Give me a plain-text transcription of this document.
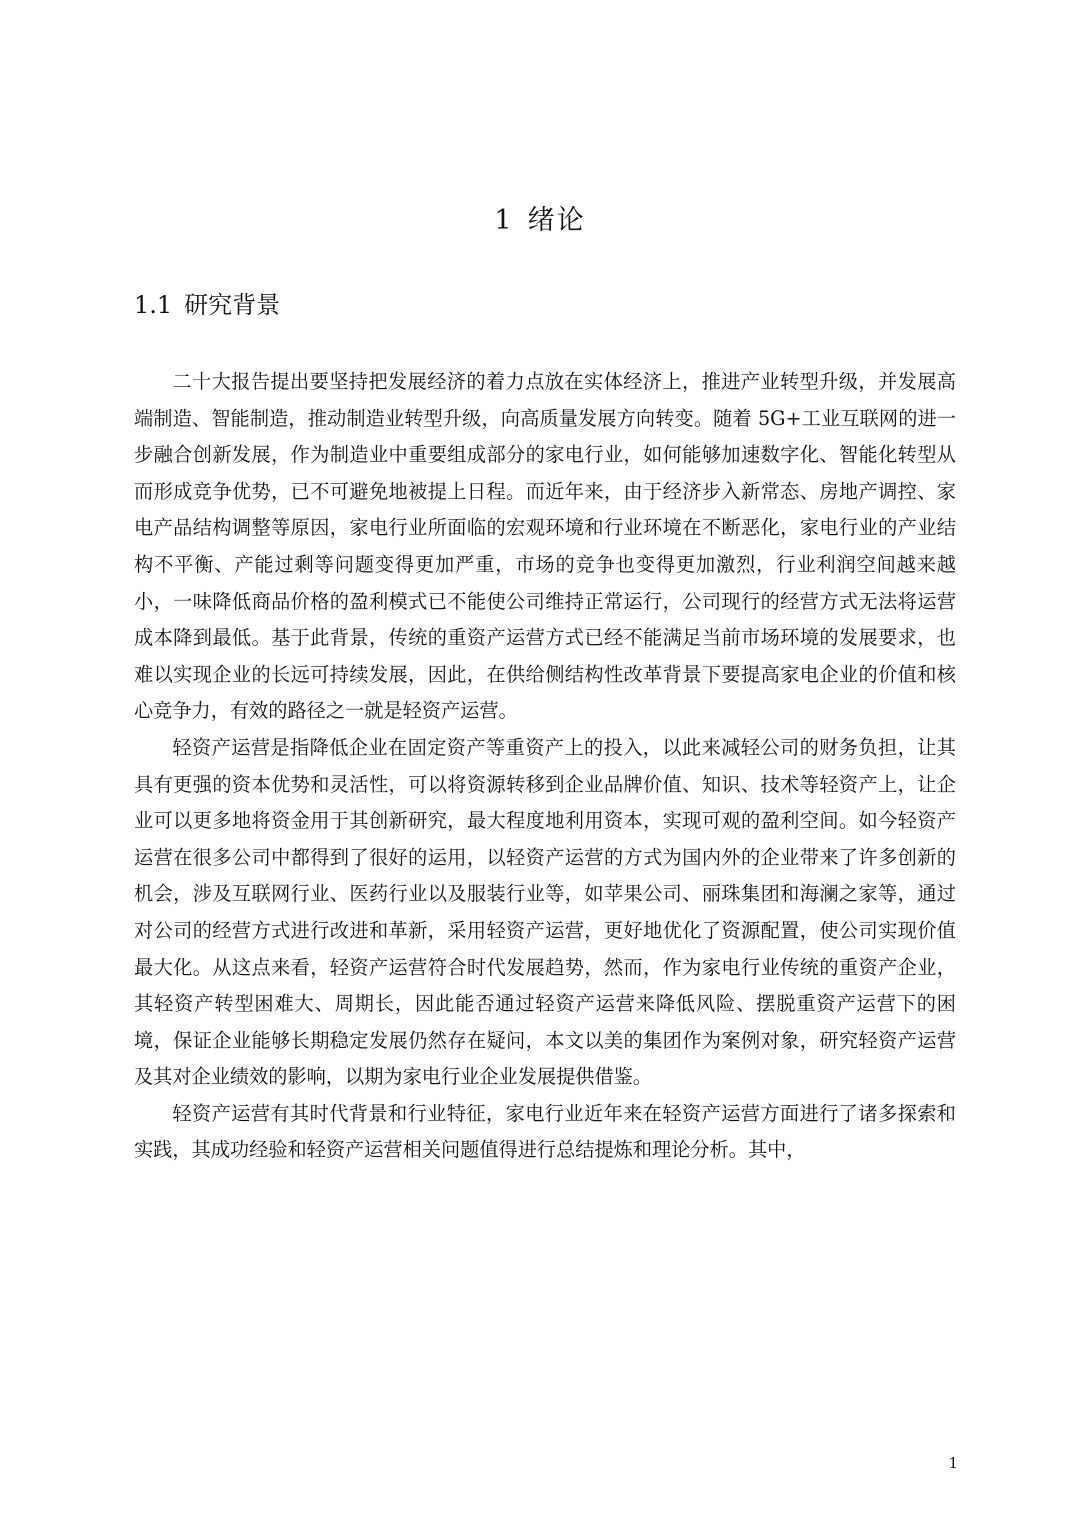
1 绪论
1.1 研究背景

二十大报告提出要坚持把发展经济的着力点放在实体经济上，推进产业转型升级，并发展高端制造、智能制造，推动制造业转型升级，向高质量发展方向转变。随着 5G+工业互联网的进一步融合创新发展，作为制造业中重要组成部分的家电行业，如何能够加速数字化、智能化转型从而形成竞争优势，已不可避免地被提上日程。而近年来，由于经济步入新常态、房地产调控、家电产品结构调整等原因，家电行业所面临的宏观环境和行业环境在不断恶化，家电行业的产业结构不平衡、产能过剩等问题变得更加严重，市场的竞争也变得更加激烈，行业利润空间越来越小，一味降低商品价格的盈利模式已不能使公司维持正常运行，公司现行的经营方式无法将运营成本降到最低。基于此背景，传统的重资产运营方式已经不能满足当前市场环境的发展要求，也难以实现企业的长远可持续发展，因此，在供给侧结构性改革背景下要提高家电企业的价值和核心竞争力，有效的路径之一就是轻资产运营。

轻资产运营是指降低企业在固定资产等重资产上的投入，以此来减轻公司的财务负担，让其具有更强的资本优势和灵活性，可以将资源转移到企业品牌价值、知识、技术等轻资产上，让企业可以更多地将资金用于其创新研究，最大程度地利用资本，实现可观的盈利空间。如今轻资产运营在很多公司中都得到了很好的运用，以轻资产运营的方式为国内外的企业带来了许多创新的机会，涉及互联网行业、医药行业以及服装行业等，如苹果公司、丽珠集团和海澜之家等，通过对公司的经营方式进行改进和革新，采用轻资产运营，更好地优化了资源配置，使公司实现价值最大化。从这点来看，轻资产运营符合时代发展趋势，然而，作为家电行业传统的重资产企业，其轻资产转型困难大、周期长，因此能否通过轻资产运营来降低风险、摆脱重资产运营下的困境，保证企业能够长期稳定发展仍然存在疑问，本文以美的集团作为案例对象，研究轻资产运营及其对企业绩效的影响，以期为家电行业企业发展提供借鉴。

轻资产运营有其时代背景和行业特征，家电行业近年来在轻资产运营方面进行了诸多探索和实践，其成功经验和轻资产运营相关问题值得进行总结提炼和理论分析。其中，

1
